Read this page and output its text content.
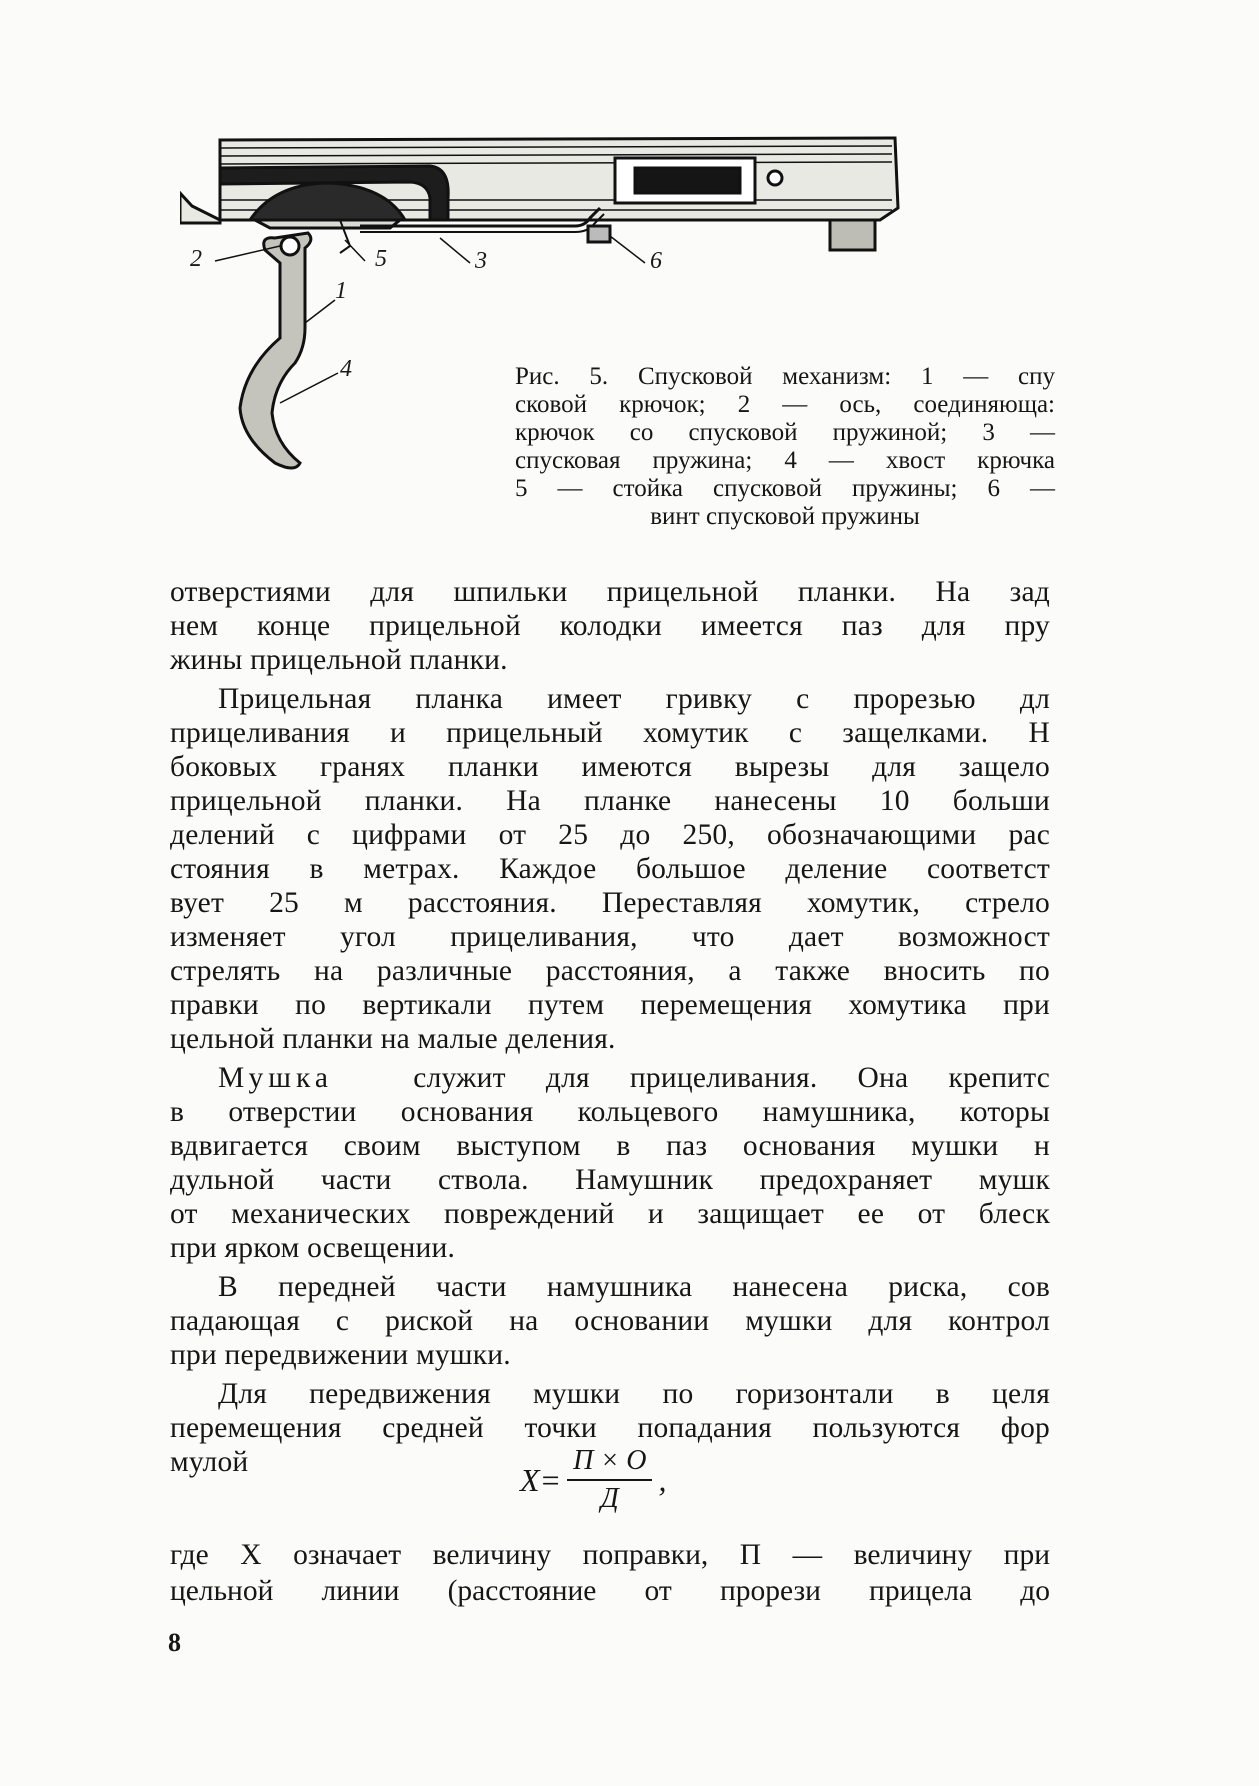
1
2	3
4
5	6
Рис. 5. Спусковой механизм: 1 — спу
сковой крючок; 2 — ось, соединяюща:
крючок со спусковой пружиной; 3 —
спусковая пружина; 4 — хвост крючка
5 — стойка спусковой пружины; 6 —
винт спусковой пружины
отверстиями для шпильки прицельной планки. На зад
нем конце прицельной колодки имеется паз для пру
жины прицельной планки.
Прицельная планка имеет гривку с прорезью дл
прицеливания и прицельный хомутик с защелками. Н
боковых гранях планки имеются вырезы для защело
прицельной планки. На планке нанесены 10 больши
делений с цифрами от 25 до 250, обозначающими рас
стояния в метрах. Каждое большое деление соответст
вует 25 м расстояния. Переставляя хомутик, стрело
изменяет угол прицеливания, что дает возможност
стрелять на различные расстояния, а также вносить по
правки по вертикали путем перемещения хомутика при
цельной планки на малые деления.
Мушка	служит для прицеливания. Она крепитс
в отверстии основания кольцевого намушника, которы
вдвигается своим выступом в паз основания мушки н
дульной части ствола. Намушник предохраняет мушк
от механических повреждений и защищает ее от блеск
при ярком освещении.
В передней части намушника нанесена риска, сов
падающая с риской на основании мушки для контрол
при передвижении мушки.
Для передвижения мушки по горизонтали в целя
перемещения средней точки попадания пользуются фор
мулой	$X= \frac{П \times О}{Д}$ ,
где X означает величину поправки, П — величину при
цельной линии (расстояние от прорези прицела до
8
